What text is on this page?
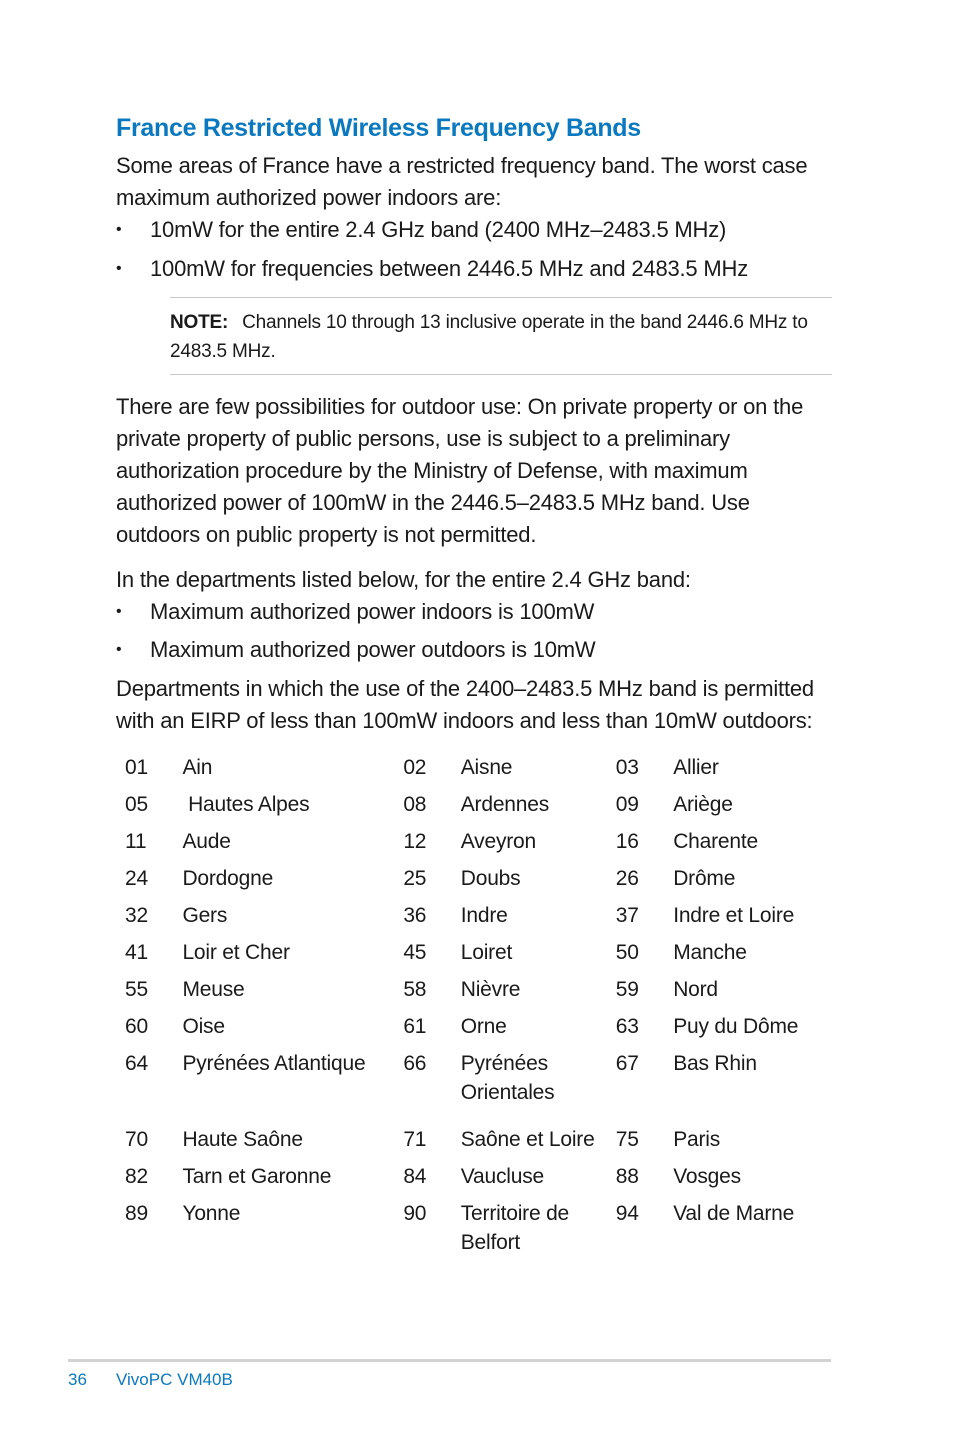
France Restricted Wireless Frequency Bands

Some areas of France have a restricted frequency band. The worst case maximum authorized power indoors are:

• 10mW for the entire 2.4 GHz band (2400 MHz–2483.5 MHz)
• 100mW for frequencies between 2446.5 MHz and 2483.5 MHz
NOTE: Channels 10 through 13 inclusive operate in the band 2446.6 MHz to 2483.5 MHz.

There are few possibilities for outdoor use: On private property or on the private property of public persons, use is subject to a preliminary authorization procedure by the Ministry of Defense, with maximum authorized power of 100mW in the 2446.5–2483.5 MHz band. Use outdoors on public property is not permitted.

In the departments listed below, for the entire 2.4 GHz band:

• Maximum authorized power indoors is 100mW
• Maximum authorized power outdoors is 10mW

Departments in which the use of the 2400–2483.5 MHz band is permitted with an EIRP of less than 100mW indoors and less than 10mW outdoors:

01	Ain	02	Aisne	03	Allier
05	Hautes Alpes	08	Ardennes	09	Ariège
11	Aude	12	Aveyron	16	Charente
24	Dordogne	25	Doubs	26	Drôme
32	Gers	36	Indre	37	Indre et Loire
41	Loir et Cher	45	Loiret	50	Manche
55	Meuse	58	Nièvre	59	Nord
60	Oise	61	Orne	63	Puy du Dôme
64	Pyrénées Atlantique	66	Pyrénées Orientales	67	Bas Rhin
70	Haute Saône	71	Saône et Loire	75	Paris
82	Tarn et Garonne	84	Vaucluse	88	Vosges
89	Yonne	90	Territoire de Belfort	94	Val de Marne
36 VivoPC VM40B
